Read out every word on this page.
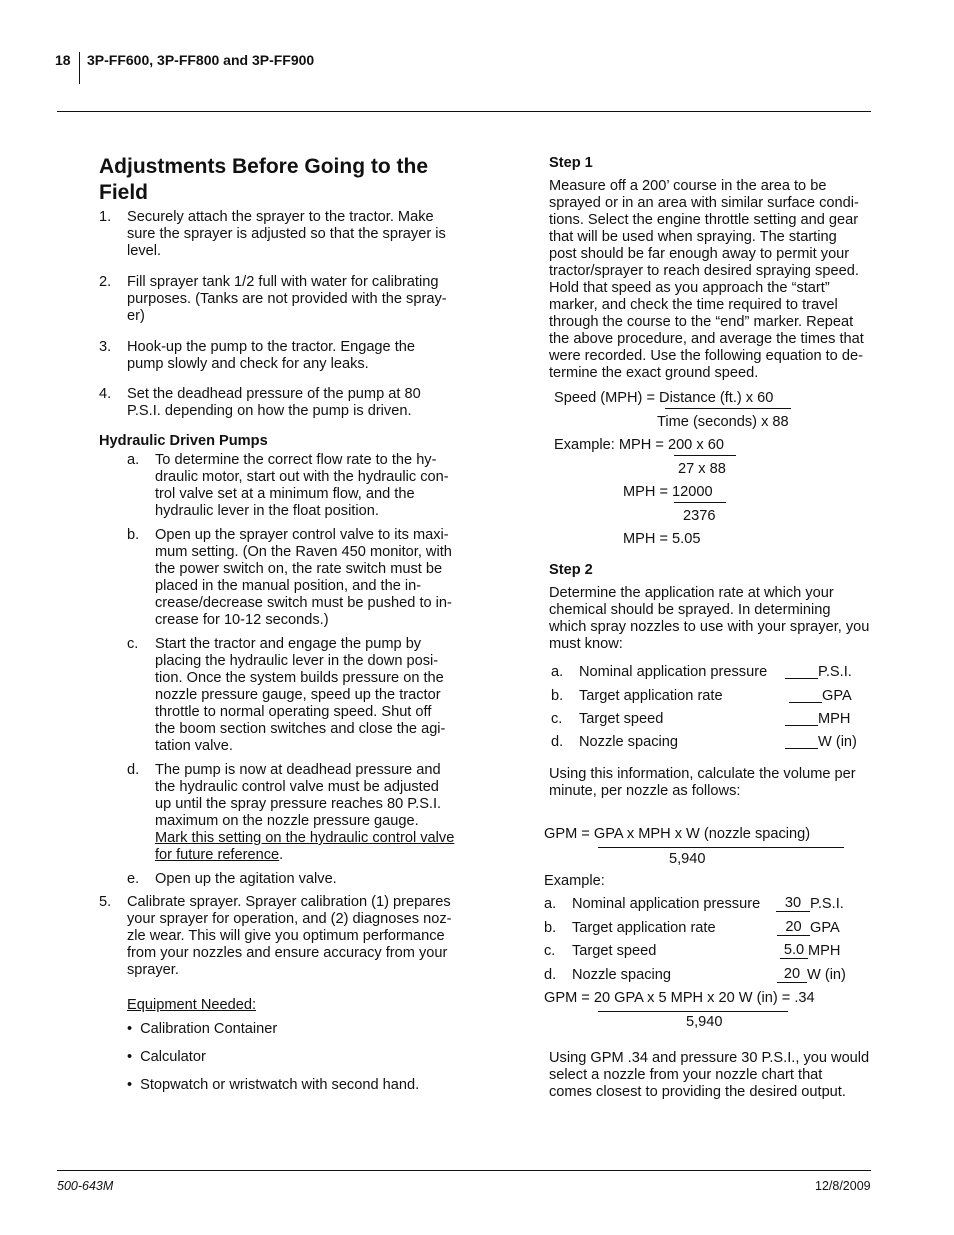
18 3P-FF600, 3P-FF800 and 3P-FF900
Adjustments Before Going to the
Field
1. Securely attach the sprayer to the tractor. Make
sure the sprayer is adjusted so that the sprayer is
level.
2. Fill sprayer tank 1/2 full with water for calibrating
purposes. (Tanks are not provided with the spray-
er)
3. Hook-up the pump to the tractor. Engage the
pump slowly and check for any leaks.
4. Set the deadhead pressure of the pump at 80
P.S.I. depending on how the pump is driven.
Hydraulic Driven Pumps
a. To determine the correct flow rate to the hy-
draulic motor, start out with the hydraulic con-
trol valve set at a minimum flow, and the
hydraulic lever in the float position.
b. Open up the sprayer control valve to its maxi-
mum setting. (On the Raven 450 monitor, with
the power switch on, the rate switch must be
placed in the manual position, and the in-
crease/decrease switch must be pushed to in-
crease for 10-12 seconds.)
c. Start the tractor and engage the pump by
placing the hydraulic lever in the down posi-
tion. Once the system builds pressure on the
nozzle pressure gauge, speed up the tractor
throttle to normal operating speed. Shut off
the boom section switches and close the agi-
tation valve.
d. The pump is now at deadhead pressure and
the hydraulic control valve must be adjusted
up until the spray pressure reaches 80 P.S.I.
maximum on the nozzle pressure gauge.
Mark this setting on the hydraulic control valve
for future reference.
e. Open up the agitation valve.
5. Calibrate sprayer. Sprayer calibration (1) prepares
your sprayer for operation, and (2) diagnoses noz-
zle wear. This will give you optimum performance
from your nozzles and ensure accuracy from your
sprayer.
Equipment Needed:
• Calibration Container
• Calculator
• Stopwatch or wristwatch with second hand.
Step 1
Measure off a 200’ course in the area to be
sprayed or in an area with similar surface condi-
tions. Select the engine throttle setting and gear
that will be used when spraying. The starting
post should be far enough away to permit your
tractor/sprayer to reach desired spraying speed.
Hold that speed as you approach the “start”
marker, and check the time required to travel
through the course to the “end” marker. Repeat
the above procedure, and average the times that
were recorded. Use the following equation to de-
termine the exact ground speed.
Speed (MPH) = Distance (ft.) x 60
Time (seconds) x 88
Example: MPH = 200 x 60
27 x 88
MPH = 12000
2376
MPH = 5.05
Step 2
Determine the application rate at which your
chemical should be sprayed. In determining
which spray nozzles to use with your sprayer, you
must know:
a. Nominal application pressure	P.S.I.
b. Target application rate	GPA
c. Target speed	MPH
d. Nozzle spacing	W (in)
Using this information, calculate the volume per
minute, per nozzle as follows:
GPM = GPA x MPH x W (nozzle spacing)
5,940
Example:
a. Nominal application pressure	30 P.S.I.
b. Target application rate	20 GPA
c. Target speed	5.0 MPH
d. Nozzle spacing	20 W (in)
GPM = 20 GPA x 5 MPH x 20 W (in) = .34
5,940
Using GPM .34 and pressure 30 P.S.I., you would
select a nozzle from your nozzle chart that
comes closest to providing the desired output.
500-643M	12/8/2009
